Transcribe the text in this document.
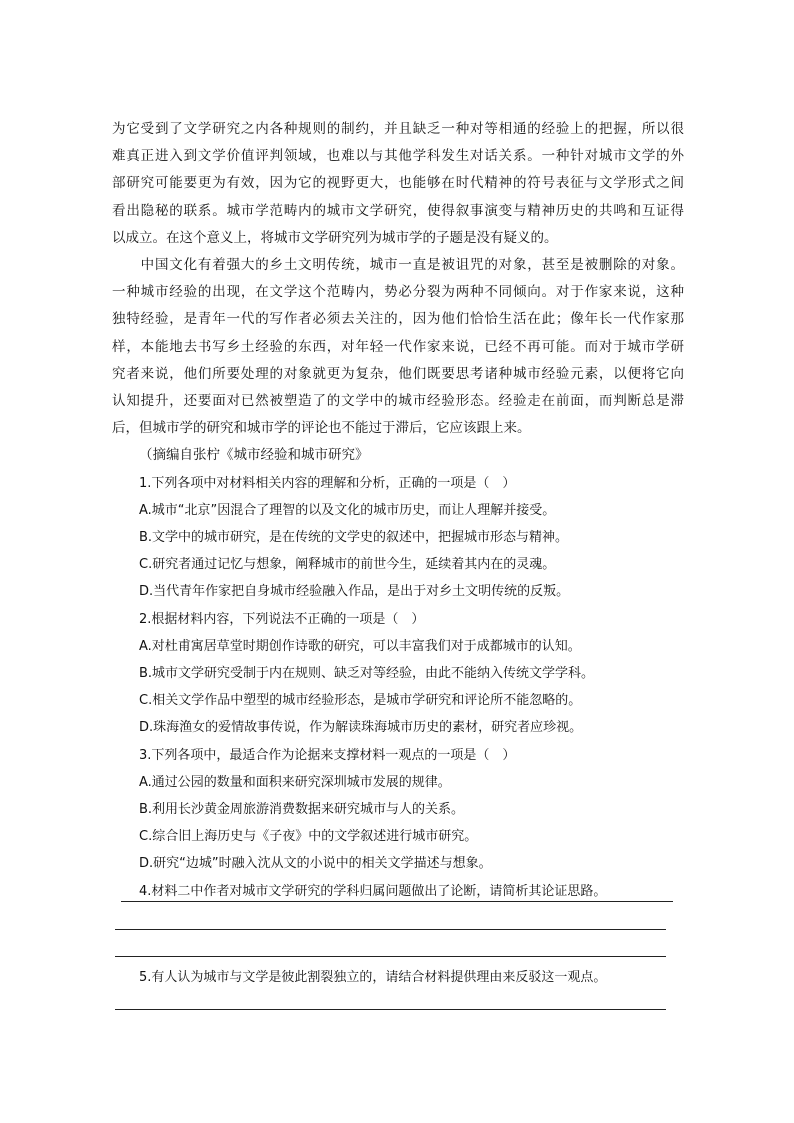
为它受到了文学研究之内各种规则的制约，并且缺乏一种对等相通的经验上的把握，所以很
难真正进入到文学价值评判领域，也难以与其他学科发生对话关系。一种针对城市文学的外
部研究可能要更为有效，因为它的视野更大，也能够在时代精神的符号表征与文学形式之间
看出隐秘的联系。城市学范畴内的城市文学研究，使得叙事演变与精神历史的共鸣和互证得
以成立。在这个意义上，将城市文学研究列为城市学的子题是没有疑义的。

　　中国文化有着强大的乡土文明传统，城市一直是被诅咒的对象，甚至是被删除的对象。
一种城市经验的出现，在文学这个范畴内，势必分裂为两种不同倾向。对于作家来说，这种
独特经验，是青年一代的写作者必须去关注的，因为他们恰恰生活在此；像年长一代作家那
样，本能地去书写乡土经验的东西，对年轻一代作家来说，已经不再可能。而对于城市学研
究者来说，他们所要处理的对象就更为复杂，他们既要思考诸种城市经验元素，以便将它向
认知提升，还要面对已然被塑造了的文学中的城市经验形态。经验走在前面，而判断总是滞
后，但城市学的研究和城市学的评论也不能过于滞后，它应该跟上来。

（摘编自张柠《城市经验和城市研究》

1.下列各项中对材料相关内容的理解和分析，正确的一项是（　）

A.城市“北京”因混合了理智的以及文化的城市历史，而让人理解并接受。

B.文学中的城市研究，是在传统的文学史的叙述中，把握城市形态与精神。

C.研究者通过记忆与想象，阐释城市的前世今生，延续着其内在的灵魂。

D.当代青年作家把自身城市经验融入作品，是出于对乡土文明传统的反叛。

2.根据材料内容，下列说法不正确的一项是（　）

A.对杜甫寓居草堂时期创作诗歌的研究，可以丰富我们对于成都城市的认知。

B.城市文学研究受制于内在规则、缺乏对等经验，由此不能纳入传统文学学科。

C.相关文学作品中塑型的城市经验形态，是城市学研究和评论所不能忽略的。

D.珠海渔女的爱情故事传说，作为解读珠海城市历史的素材，研究者应珍视。

3.下列各项中，最适合作为论据来支撑材料一观点的一项是（　）

A.通过公园的数量和面积来研究深圳城市发展的规律。

B.利用长沙黄金周旅游消费数据来研究城市与人的关系。

C.综合旧上海历史与《子夜》中的文学叙述进行城市研究。

D.研究“边城”时融入沈从文的小说中的相关文学描述与想象。

4.材料二中作者对城市文学研究的学科归属问题做出了论断，请简析其论证思路。

5.有人认为城市与文学是彼此割裂独立的，请结合材料提供理由来反驳这一观点。
